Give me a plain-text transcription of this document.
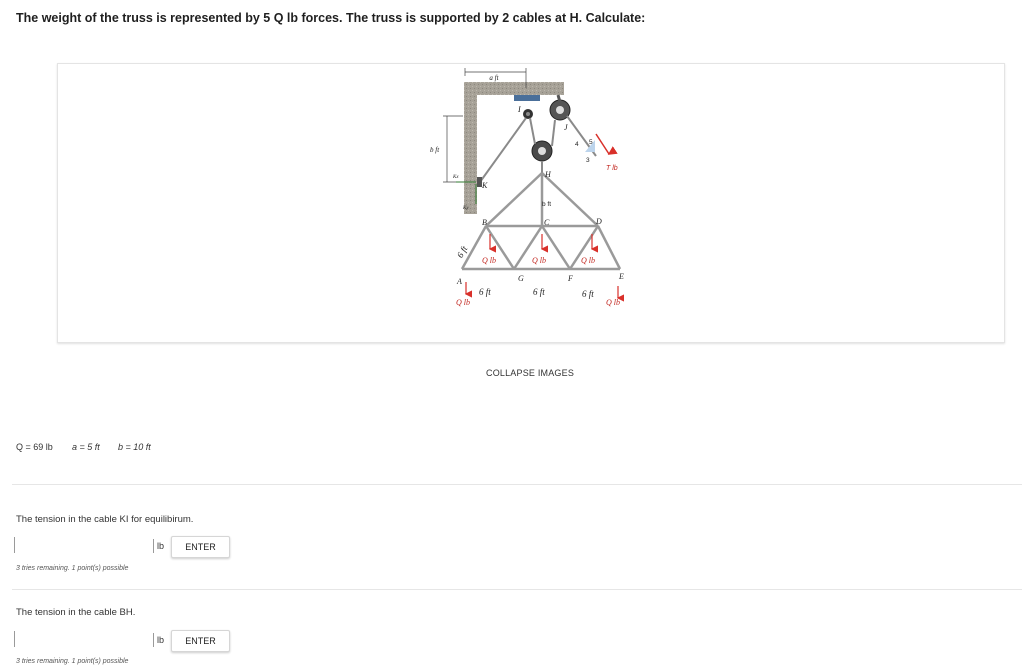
The weight of the truss is represented by 5 Q lb forces. The truss is supported by 2 cables at H. Calculate:
a ft
b ft
T lb
4 5
3
I
J
K
Kx
Ky
H
A
B	C	D
E
F
G
b ft
Q lb	Q lb	Q lb
Q lb	Q lb
6 ft
6 ft	6 ft	6 ft
COLLAPSE IMAGES
Q = 69 lb a = 5 ft b = 10 ft
The tension in the cable KI for equilibirum.
lb	ENTER
3 tries remaining. 1 point(s) possible
The tension in the cable BH.
lb	ENTER
3 tries remaining. 1 point(s) possible
